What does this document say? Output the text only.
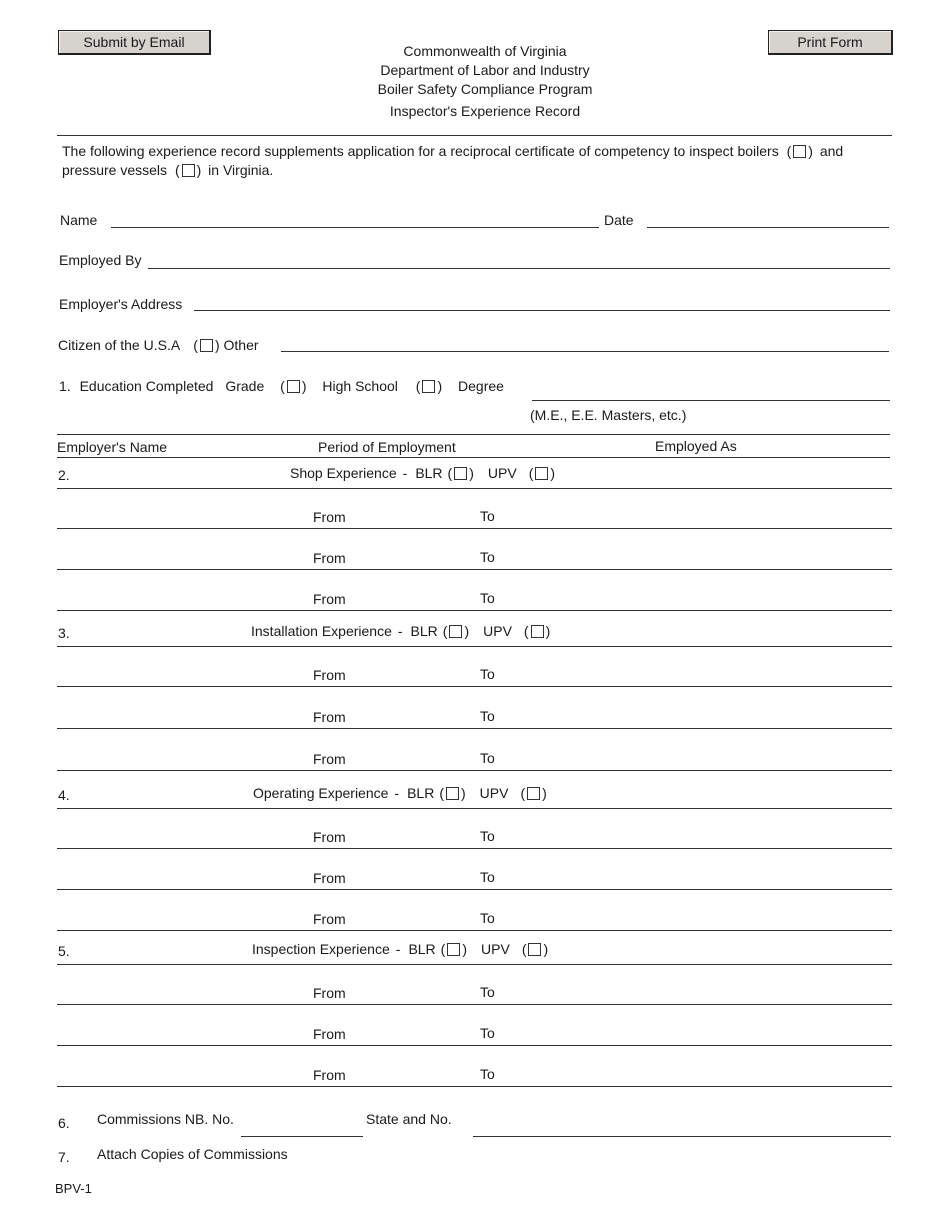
Submit by Email	Print Form
Commonwealth of Virginia
Department of Labor and Industry
Boiler Safety Compliance Program
Inspector's Experience Record
The following experience record supplements application for a reciprocal certificate of competency to inspect boilers ( ) and
pressure vessels ( ) in Virginia.
Name	Date
Employed By
Employer's Address
Citizen of the U.S.A ( ) Other
1. Education Completed Grade ( ) High School ( ) Degree
(M.E., E.E. Masters, etc.)
Employer's Name	Period of Employment	Employed As
2.	Shop Experience - BLR ( ) UPV ( )
From	To
From	To
From	To
3.	Installation Experience - BLR ( ) UPV ( )
From	To
From	To
From	To
4.	Operating Experience - BLR ( ) UPV ( )
From	To
From	To
From	To
5.	Inspection Experience - BLR ( ) UPV ( )
From	To
From	To
From	To
6. Commissions NB. No.	State and No.
7. Attach Copies of Commissions
BPV-1
